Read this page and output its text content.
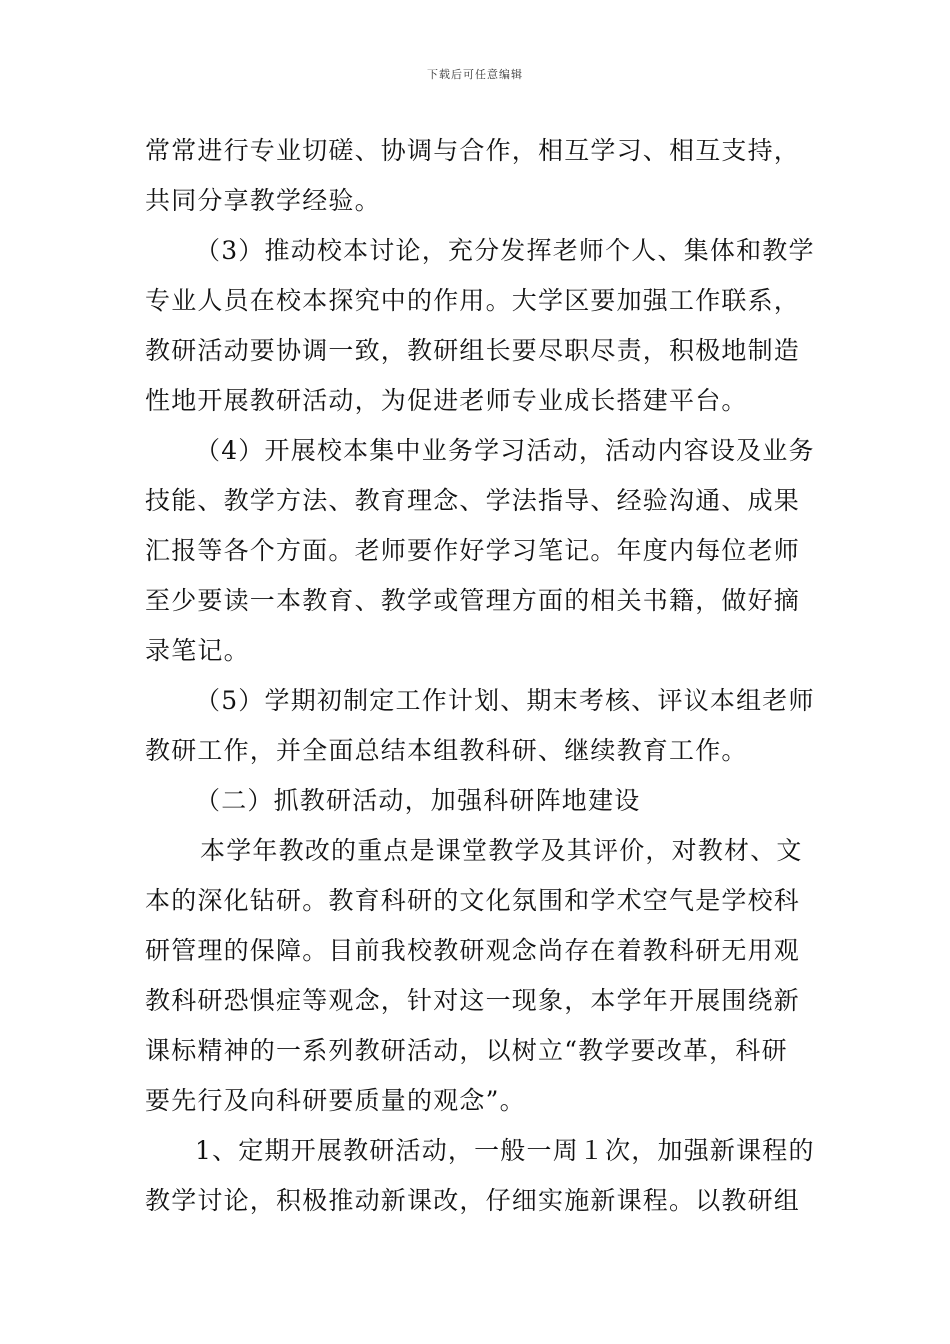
下载后可任意编辑
常常进行专业切磋、协调与合作，相互学习、相互支持，
共同分享教学经验。
（3）推动校本讨论，充分发挥老师个人、集体和教学
专业人员在校本探究中的作用。大学区要加强工作联系，
教研活动要协调一致，教研组长要尽职尽责，积极地制造
性地开展教研活动，为促进老师专业成长搭建平台。
（4）开展校本集中业务学习活动，活动内容设及业务
技能、教学方法、教育理念、学法指导、经验沟通、成果
汇报等各个方面。老师要作好学习笔记。年度内每位老师
至少要读一本教育、教学或管理方面的相关书籍，做好摘
录笔记。
（5）学期初制定工作计划、期末考核、评议本组老师
教研工作，并全面总结本组教科研、继续教育工作。
（二）抓教研活动，加强科研阵地建设
本学年教改的重点是课堂教学及其评价，对教材、文
本的深化钻研。教育科研的文化氛围和学术空气是学校科
研管理的保障。目前我校教研观念尚存在着教科研无用观
教科研恐惧症等观念，针对这一现象，本学年开展围绕新
课标精神的一系列教研活动，以树立“教学要改革，科研
要先行及向科研要质量的观念”。
1、定期开展教研活动，一般一周１次，加强新课程的
教学讨论，积极推动新课改，仔细实施新课程。以教研组
